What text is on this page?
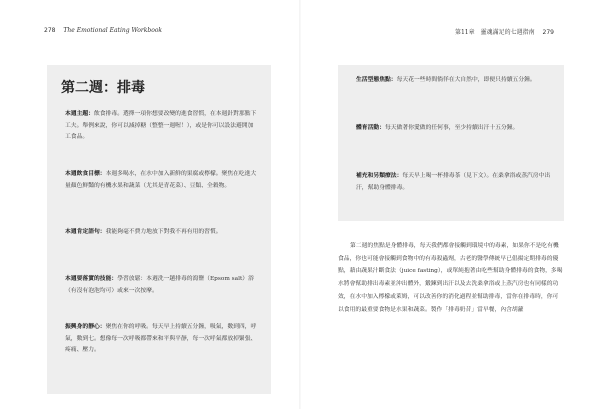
278 The Emotional Eating Workbook
第二週：排毒
本週主題：飲食排毒。選擇一項你想要改變的進食習慣，在本週針對那點下工夫。舉例來說，你可以減掉糖（整整一週喔！），或是你可以設法避開加工食品。
本週飲食目標：本週多喝水，在水中加入新鮮的果腐或檸檬。聚焦在吃進大量顏色鮮豔的有機水果和蔬菜（尤其是青花菜）、豆類、全穀物。
本週肯定語句：我能夠毫不費力地放下對我不再有用的習慣。
本週要落實的技能：學習放鬆：本週洗一趟排毒的瀉鹽（Epsom salt）浴（有沒有泡泡均可）或來一次按摩。
振興身的靜心：聚焦在你的呼吸。每天早上持續五分鐘，吸氣，數到四，呼氣，數到七。想像每一次呼吸都帶來和平與平靜，每一次呼氣都放掉緊張、疼痛、壓力。
第11章　靈魂滿足的七週指南 279
生活型態焦點：每天花一些時間徜徉在大自然中，即便只持續五分鐘。
體育活動：每天做著你愛做的任何事，至少持續出汗十五分鐘。
補充和另類療法：每天早上喝一杯排毒茶（見下文）。在桑拿浴或蒸汽房中出汗，幫助身體排毒。

第二週的焦點是身體排毒，每天我們都會接觸到環境中的毒素，如果你不是吃有機食品，你也可能會接觸到食物中的有毒殺蟲劑，古老的醫學傳統早已倡揚定期排毒的優點，藉由蔬果汁斷食法（juice fasting），或單純抱著由吃些幫助身體排毒的食物，多喝水將會幫助排出毒素並沖出體外，鍛鍊到出汗以及去洗桑拿浴或上蒸汽房也有同樣的功效，在水中加入檸檬或萊姆，可以改善你的消化過程並幫助排毒，當你在排毒時，你可以食用的最重要食物是水果和蔬菜。製作「排毒奶昔」當早餐，內含胡蘿
